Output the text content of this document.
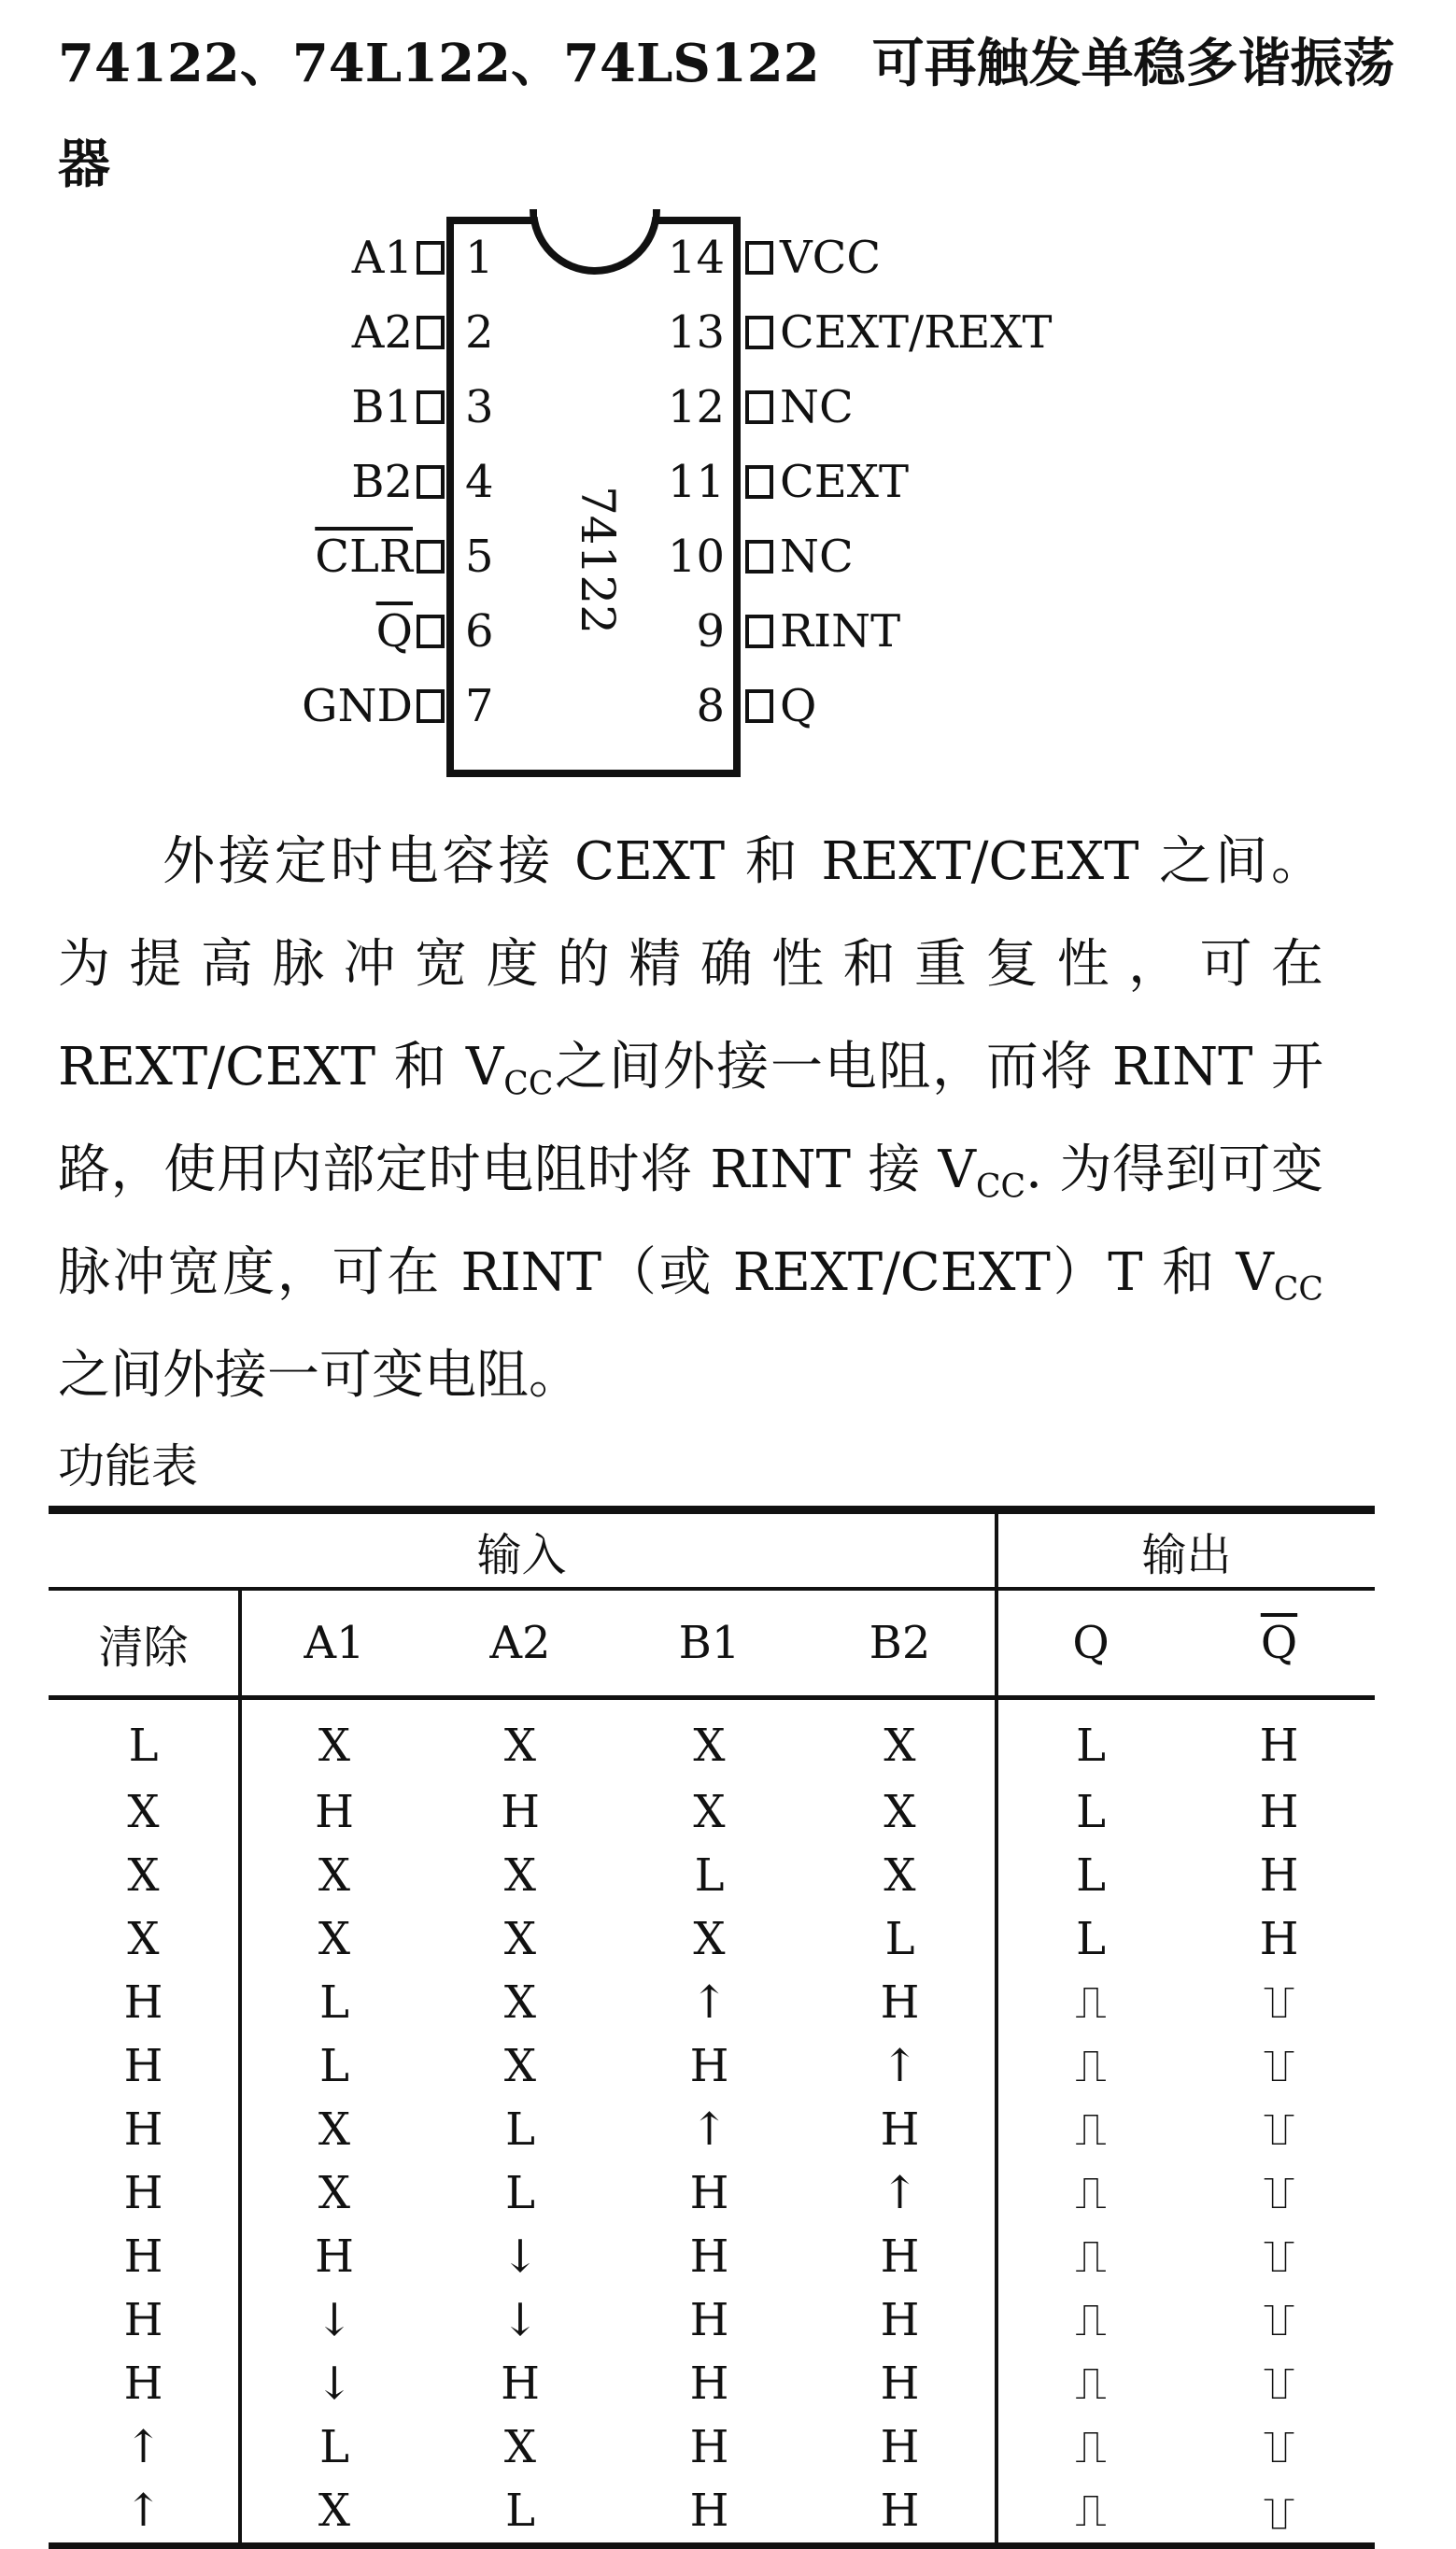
74122、74L122、74LS122　可再触发单稳多谐振荡器
A1 1
A2 2
B1 3
B2 4
$\overline{CLR}$ 5
$\overline{Q}$ 6
GND 7
14 VCC
13 CEXT/REXT
12 NC
11 CEXT
10 NC
9 RINT
8 Q

外接定时电容接 CEXT 和 REXT/CEXT 之间。为提高脉冲宽度的精确性和重复性，可在 REXT/CEXT 和 $V_{CC}$之间外接一电阻，而将 RINT 开路，使用内部定时电阻时将 RINT 接 $V_{CC}$. 为得到可变脉冲宽度，可在 RINT（或 REXT/CEXT）T 和 $V_{CC}$之间外接一可变电阻。

功能表

输入					输出	
清除	A1	A2	B1	B2	Q	$\overline{Q}$
L	X	X	X	X	L	H
X	H	H	X	X	L	H
X	X	X	L	X	L	H
X	X	X	X	L	L	H
H	L	X	↑	H	⎍	⎍
H	L	X	H	↑	⎍	⎍
H	X	L	↑	H	⎍	⎍
H	X	L	H	↑	⎍	⎍
H	H	↓	H	H	⎍	⎍
H	↓	↓	H	H	⎍	⎍
H	↓	H	H	H	⎍	⎍
↑	L	X	H	H	⎍	⎍
↑	X	L	H	H	⎍	⎍
